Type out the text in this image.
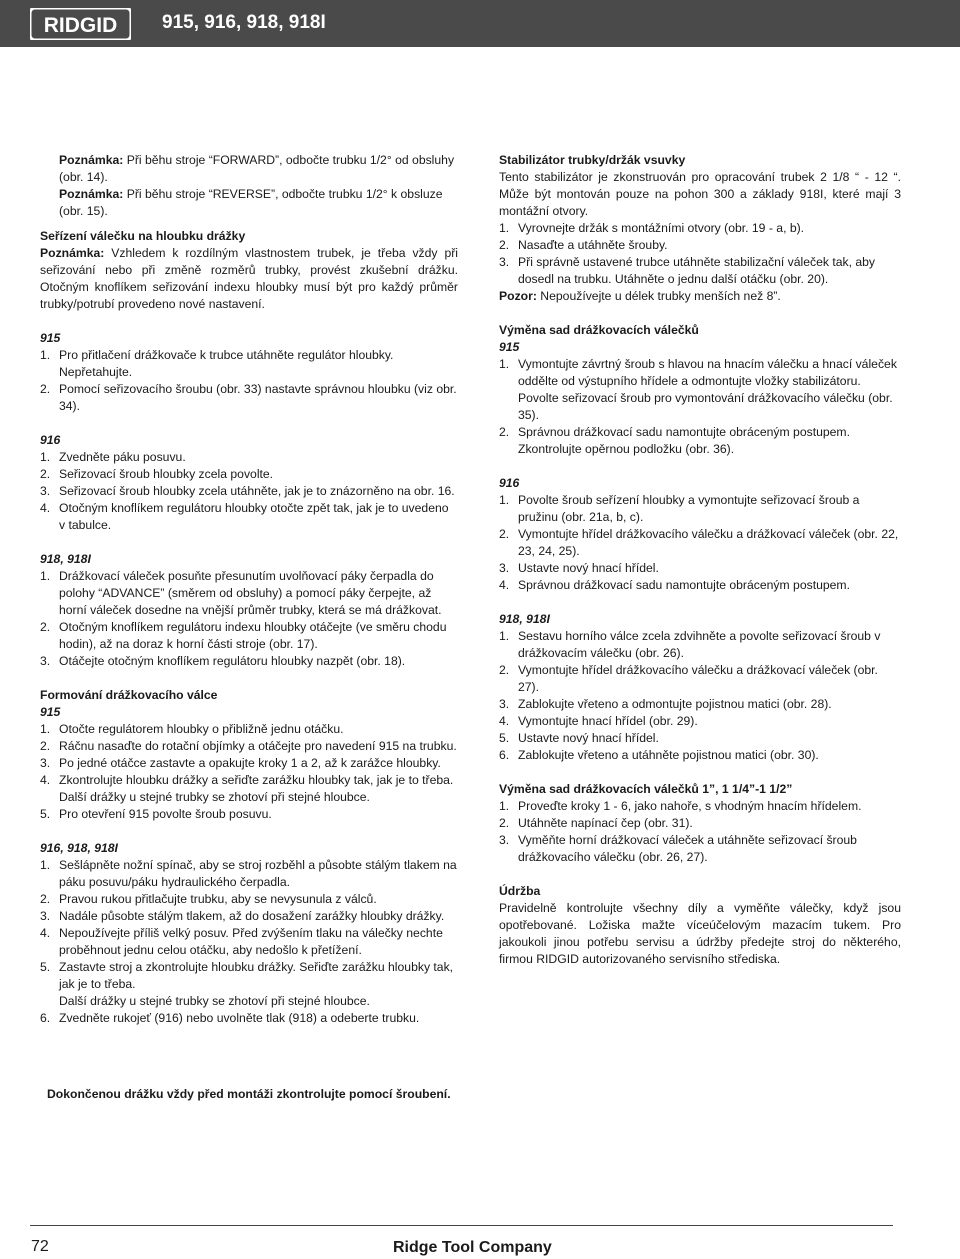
RIDGID 915, 916, 918, 918I

Poznámka: Při běhu stroje “FORWARD”, odbočte trubku 1/2° od obsluhy (obr. 14).

Poznámka: Při běhu stroje “REVERSE”, odbočte trubku 1/2° k obsluze (obr. 15).

Seřízení válečku na hloubku drážky

Poznámka: Vzhledem k rozdílným vlastnostem trubek, je třeba vždy při seřizování nebo při změně rozměrů trubky, provést zkušební drážku. Otočným knoflíkem seřizování indexu hloubky musí být pro každý průměr trubky/potrubí provedeno nové nastavení.

915

1. Pro přitlačení drážkovače k trubce utáhněte regulátor hloubky. Nepřetahujte.
2. Pomocí seřizovacího šroubu (obr. 33) nastavte správnou hloubku (viz obr. 34).

916

1. Zvedněte páku posuvu.
2. Seřizovací šroub hloubky zcela povolte.
3. Seřizovací šroub hloubky zcela utáhněte, jak je to znázorněno na obr. 16.
4. Otočným knoflíkem regulátoru hloubky otočte zpět tak, jak je to uvedeno v tabulce.

918, 918I

1. Drážkovací váleček posuňte přesunutím uvolňovací páky čerpadla do polohy “ADVANCE” (směrem od obsluhy) a pomocí páky čerpejte, až horní váleček dosedne na vnější průměr trubky, která se má drážkovat.
2. Otočným knoflíkem regulátoru indexu hloubky otáčejte (ve směru chodu hodin), až na doraz k horní části stroje (obr. 17).
3. Otáčejte otočným knoflíkem regulátoru hloubky nazpět (obr. 18).

Formování drážkovacího válce

915

1. Otočte regulátorem hloubky o přibližně jednu otáčku.
2. Ráčnu nasaďte do rotační objímky a otáčejte pro navedení 915 na trubku.
3. Po jedné otáčce zastavte a opakujte kroky 1 a 2, až k zarážce hloubky.
4. Zkontrolujte hloubku drážky a seřiďte zarážku hloubky tak, jak je to třeba.
Další drážky u stejné trubky se zhotoví při stejné hloubce.
5. Pro otevření 915 povolte šroub posuvu.

916, 918, 918I

1. Sešlápněte nožní spínač, aby se stroj rozběhl a působte stálým tlakem na páku posuvu/páku hydraulického čerpadla.
2. Pravou rukou přitlačujte trubku, aby se nevysunula z válců.
3. Nadále působte stálým tlakem, až do dosažení zarážky hloubky drážky.
4. Nepoužívejte příliš velký posuv. Před zvýšením tlaku na válečky nechte proběhnout jednu celou otáčku, aby nedošlo k přetížení.
5. Zastavte stroj a zkontrolujte hloubku drážky. Seřiďte zarážku hloubky tak, jak je to třeba.
Další drážky u stejné trubky se zhotoví při stejné hloubce.
6. Zvedněte rukojeť (916) nebo uvolněte tlak (918) a odeberte trubku.

Stabilizátor trubky/držák vsuvky

Tento stabilizátor je zkonstruován pro opracování trubek 2 1/8 “ - 12 “. Může být montován pouze na pohon 300 a základy 918I, které mají 3 montážní otvory.

1. Vyrovnejte držák s montážními otvory (obr. 19 - a, b).
2. Nasaďte a utáhněte šrouby.
3. Při správně ustavené trubce utáhněte stabilizační váleček tak, aby dosedl na trubku. Utáhněte o jednu další otáčku (obr. 20).

Pozor: Nepoužívejte u délek trubky menších než 8”.

Výměna sad drážkovacích válečků

915

1. Vymontujte závrtný šroub s hlavou na hnacím válečku a hnací váleček oddělte od výstupního hřídele a odmontujte vložky stabilizátoru. Povolte seřizovací šroub pro vymontování drážkovacího válečku (obr. 35).
2. Správnou drážkovací sadu namontujte obráceným postupem. Zkontrolujte opěrnou podložku (obr. 36).

916

1. Povolte šroub seřízení hloubky a vymontujte seřizovací šroub a pružinu (obr. 21a, b, c).
2. Vymontujte hřídel drážkovacího válečku a drážkovací váleček (obr. 22, 23, 24, 25).
3. Ustavte nový hnací hřídel.
4. Správnou drážkovací sadu namontujte obráceným postupem.

918, 918I

1. Sestavu horního válce zcela zdvihněte a povolte seřizovací šroub v drážkovacím válečku (obr. 26).
2. Vymontujte hřídel drážkovacího válečku a drážkovací váleček (obr. 27).
3. Zablokujte vřeteno a odmontujte pojistnou matici (obr. 28).
4. Vymontujte hnací hřídel (obr. 29).
5. Ustavte nový hnací hřídel.
6. Zablokujte vřeteno a utáhněte pojistnou matici (obr. 30).

Výměna sad drážkovacích válečků 1”, 1 1/4”-1 1/2”

1. Proveďte kroky 1 - 6, jako nahoře, s vhodným hnacím hřídelem.
2. Utáhněte napínací čep (obr. 31).
3. Vyměňte horní drážkovací váleček a utáhněte seřizovací šroub drážkovacího válečku (obr. 26, 27).

Údržba

Pravidelně kontrolujte všechny díly a vyměňte válečky, když jsou opotřebované. Ložiska mažte víceúčelovým mazacím tukem. Pro jakoukoli jinou potřebu servisu a údržby předejte stroj do některého, firmou RIDGID autorizovaného servisního střediska.

Dokončenou drážku vždy před montáži zkontrolujte pomocí šroubení.
72	Ridge Tool Company
